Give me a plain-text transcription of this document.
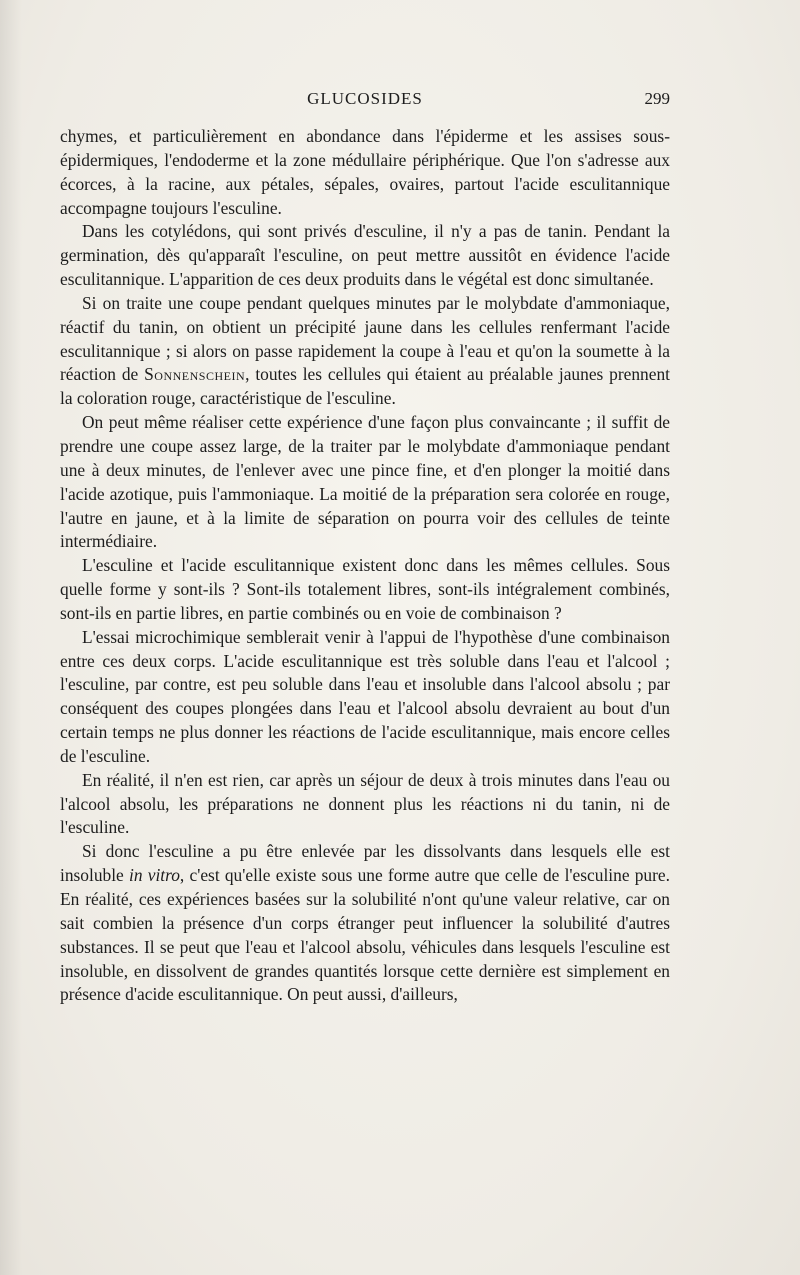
GLUCOSIDES	299

chymes, et particulièrement en abondance dans l'épiderme et les assises sous-épidermiques, l'endoderme et la zone médullaire périphérique. Que l'on s'adresse aux écorces, à la racine, aux pétales, sépales, ovaires, partout l'acide esculitannique accompagne toujours l'esculine.

Dans les cotylédons, qui sont privés d'esculine, il n'y a pas de tanin. Pendant la germination, dès qu'apparaît l'esculine, on peut mettre aussitôt en évidence l'acide esculitannique. L'apparition de ces deux produits dans le végétal est donc simultanée.

Si on traite une coupe pendant quelques minutes par le molybdate d'ammoniaque, réactif du tanin, on obtient un précipité jaune dans les cellules renfermant l'acide esculitannique ; si alors on passe rapidement la coupe à l'eau et qu'on la soumette à la réaction de Sonnenschein, toutes les cellules qui étaient au préalable jaunes prennent la coloration rouge, caractéristique de l'esculine.

On peut même réaliser cette expérience d'une façon plus convaincante ; il suffit de prendre une coupe assez large, de la traiter par le molybdate d'ammoniaque pendant une à deux minutes, de l'enlever avec une pince fine, et d'en plonger la moitié dans l'acide azotique, puis l'ammoniaque. La moitié de la préparation sera colorée en rouge, l'autre en jaune, et à la limite de séparation on pourra voir des cellules de teinte intermédiaire.

L'esculine et l'acide esculitannique existent donc dans les mêmes cellules. Sous quelle forme y sont-ils ? Sont-ils totalement libres, sont-ils intégralement combinés, sont-ils en partie libres, en partie combinés ou en voie de combinaison ?

L'essai microchimique semblerait venir à l'appui de l'hypothèse d'une combinaison entre ces deux corps. L'acide esculitannique est très soluble dans l'eau et l'alcool ; l'esculine, par contre, est peu soluble dans l'eau et insoluble dans l'alcool absolu ; par conséquent des coupes plongées dans l'eau et l'alcool absolu devraient au bout d'un certain temps ne plus donner les réactions de l'acide esculitannique, mais encore celles de l'esculine.

En réalité, il n'en est rien, car après un séjour de deux à trois minutes dans l'eau ou l'alcool absolu, les préparations ne donnent plus les réactions ni du tanin, ni de l'esculine.

Si donc l'esculine a pu être enlevée par les dissolvants dans lesquels elle est insoluble in vitro, c'est qu'elle existe sous une forme autre que celle de l'esculine pure. En réalité, ces expériences basées sur la solubilité n'ont qu'une valeur relative, car on sait combien la présence d'un corps étranger peut influencer la solubilité d'autres substances. Il se peut que l'eau et l'alcool absolu, véhicules dans lesquels l'esculine est insoluble, en dissolvent de grandes quantités lorsque cette dernière est simplement en présence d'acide esculitannique. On peut aussi, d'ailleurs,
